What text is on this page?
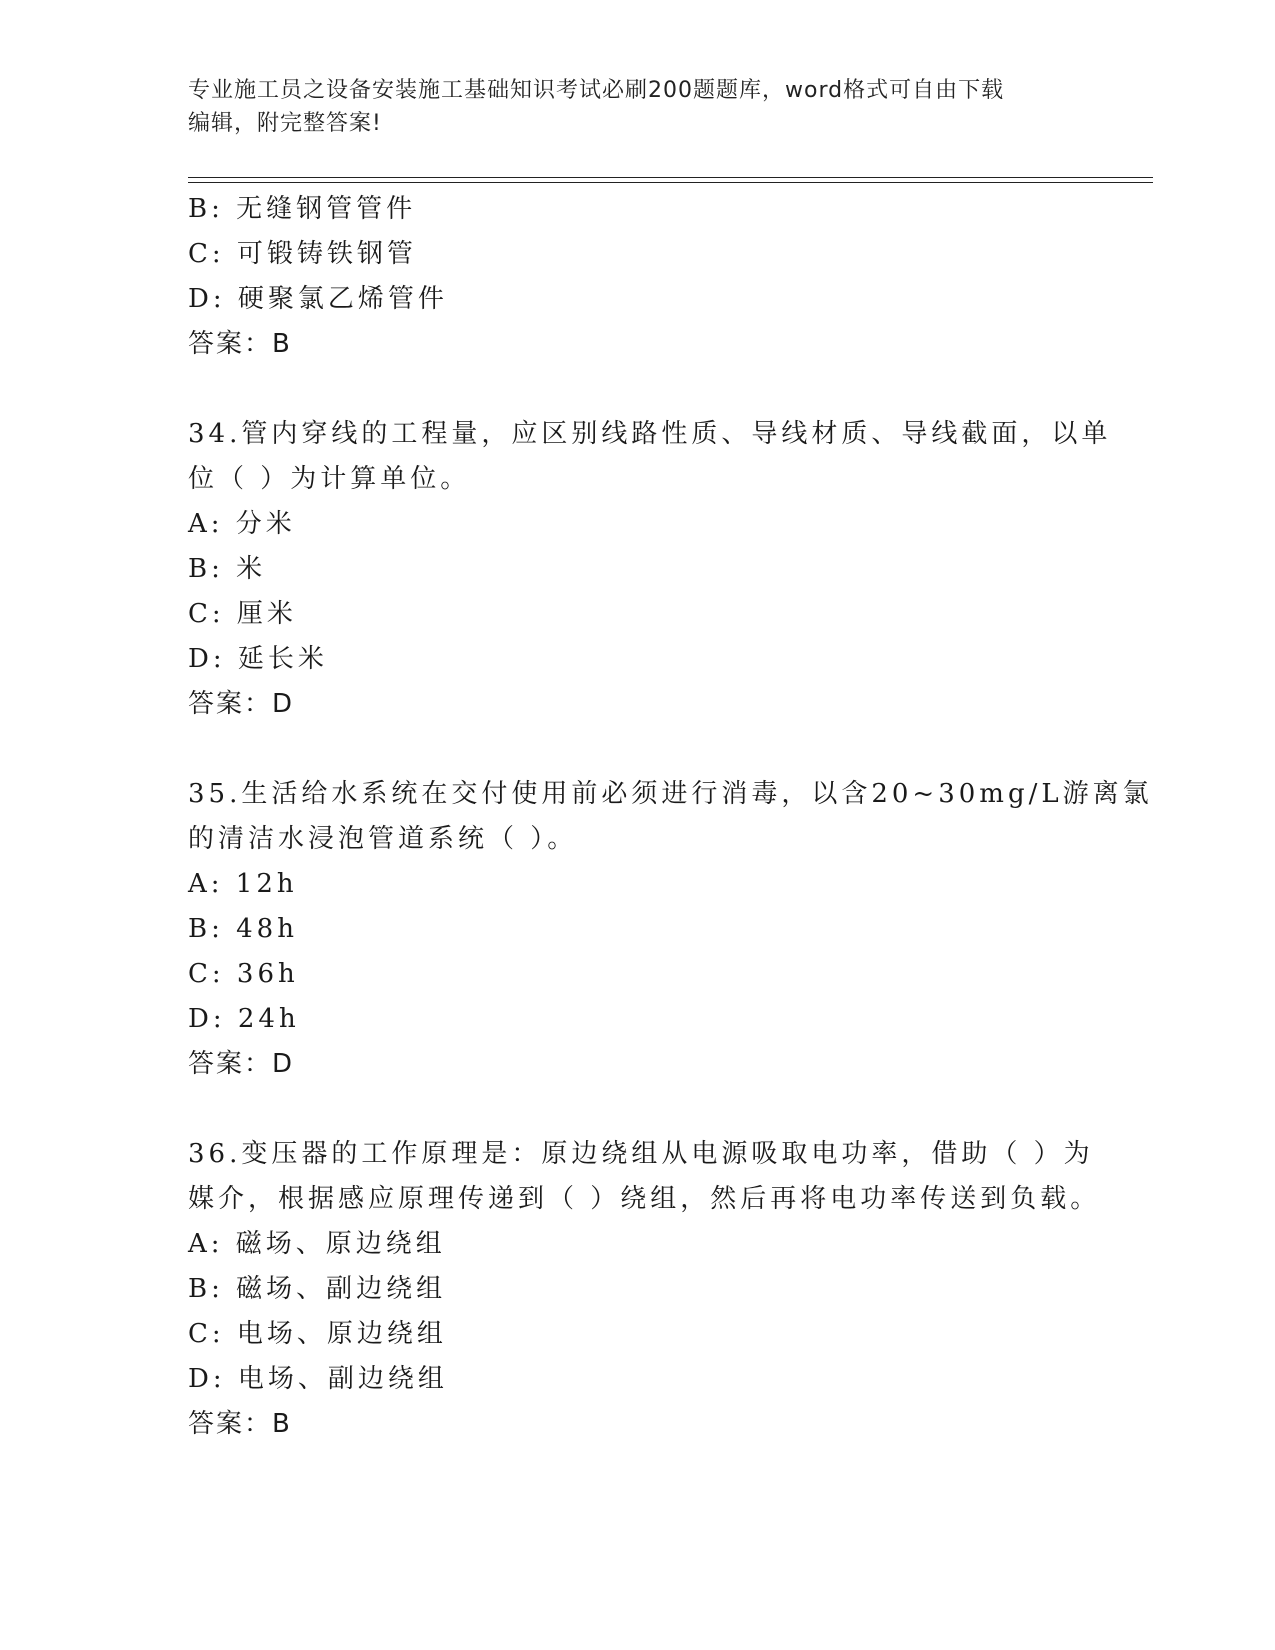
专业施工员之设备安装施工基础知识考试必刷200题题库，word格式可自由下载
编辑，附完整答案!
B: 无缝钢管管件
C: 可锻铸铁钢管
D: 硬聚氯乙烯管件
答案：B
34.管内穿线的工程量，应区别线路性质、导线材质、导线截面，以单
位（ ）为计算单位。
A: 分米
B: 米
C: 厘米
D: 延长米
答案：D
35.生活给水系统在交付使用前必须进行消毒，以含20~30mg/L游离氯
的清洁水浸泡管道系统（ ）。
A: 12h
B: 48h
C: 36h
D: 24h
答案：D
36.变压器的工作原理是：原边绕组从电源吸取电功率，借助（ ）为
媒介，根据感应原理传递到（ ）绕组，然后再将电功率传送到负载。
A: 磁场、原边绕组
B: 磁场、副边绕组
C: 电场、原边绕组
D: 电场、副边绕组
答案：B
